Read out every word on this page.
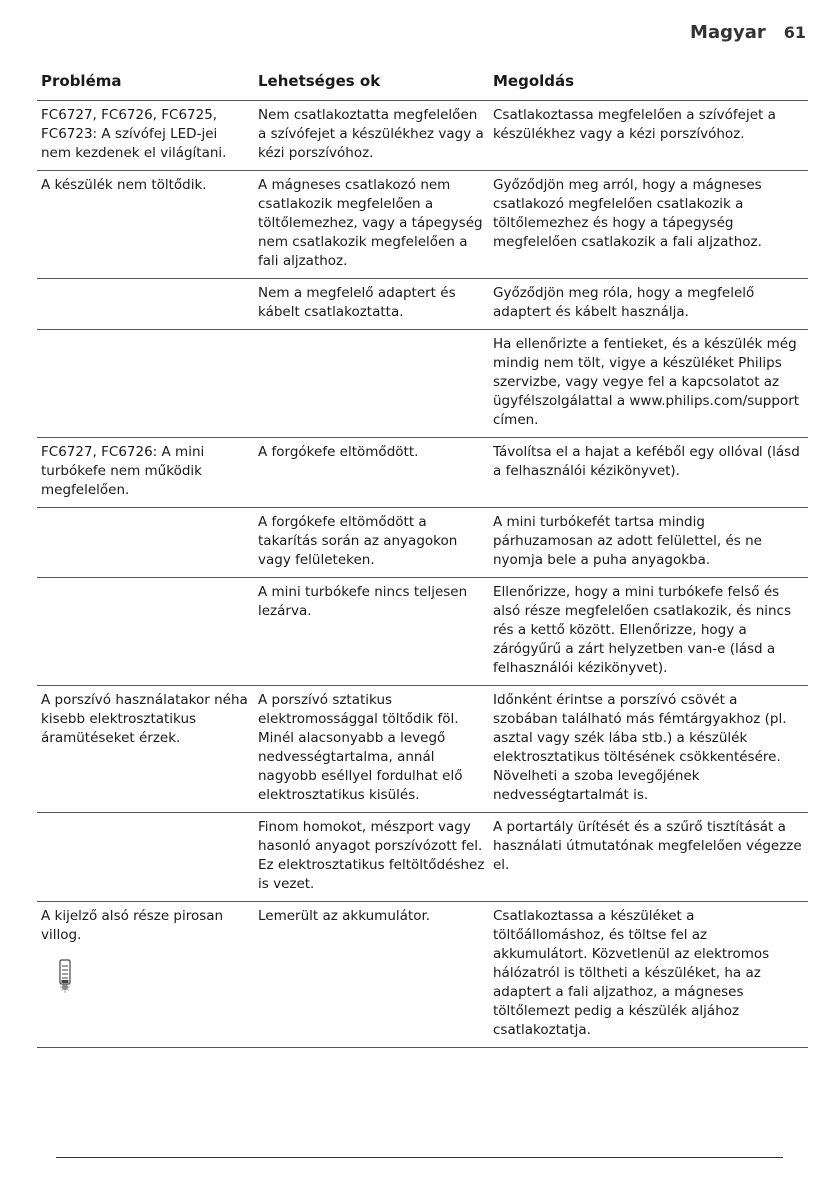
Magyar 61
Probléma	Lehetséges ok	Megoldás
FC6727, FC6726, FC6725, FC6723: A szívófej LED-jei nem kezdenek el világítani.	Nem csatlakoztatta megfelelően a szívófejet a készülékhez vagy a kézi porszívóhoz.	Csatlakoztassa megfelelően a szívófejet a készülékhez vagy a kézi porszívóhoz.
A készülék nem töltődik.	A mágneses csatlakozó nem csatlakozik megfelelően a töltőlemezhez, vagy a tápegység nem csatlakozik megfelelően a fali aljzathoz.	Győződjön meg arról, hogy a mágneses csatlakozó megfelelően csatlakozik a töltőlemezhez és hogy a tápegység megfelelően csatlakozik a fali aljzathoz.
	Nem a megfelelő adaptert és kábelt csatlakoztatta.	Győződjön meg róla, hogy a megfelelő adaptert és kábelt használja.
		Ha ellenőrizte a fentieket, és a készülék még mindig nem tölt, vigye a készüléket Philips szervizbe, vagy vegye fel a kapcsolatot az ügyfélszolgálattal a www.philips.com/support címen.
FC6727, FC6726: A mini turbókefe nem működik megfelelően.	A forgókefe eltömődött.	Távolítsa el a hajat a keféből egy ollóval (lásd a felhasználói kézikönyvet).
	A forgókefe eltömődött a takarítás során az anyagokon vagy felületeken.	A mini turbókefét tartsa mindig párhuzamosan az adott felülettel, és ne nyomja bele a puha anyagokba.
	A mini turbókefe nincs teljesen lezárva.	Ellenőrizze, hogy a mini turbókefe felső és alsó része megfelelően csatlakozik, és nincs rés a kettő között. Ellenőrizze, hogy a zárógyűrű a zárt helyzetben van-e (lásd a felhasználói kézikönyvet).
A porszívó használatakor néha kisebb elektrosztatikus áramütéseket érzek.	A porszívó sztatikus elektromossággal töltődik föl. Minél alacsonyabb a levegő nedvességtartalma, annál nagyobb eséllyel fordulhat elő elektrosztatikus kisülés.	Időnként érintse a porszívó csövét a szobában található más fémtárgyakhoz (pl. asztal vagy szék lába stb.) a készülék elektrosztatikus töltésének csökkentésére. Növelheti a szoba levegőjének nedvességtartalmát is.
	Finom homokot, mészport vagy hasonló anyagot porszívózott fel. Ez elektrosztatikus feltöltődéshez is vezet.	A portartály ürítését és a szűrő tisztítását a használati útmutatónak megfelelően végezze el.
A kijelző alsó része pirosan villog.	Lemerült az akkumulátor.	Csatlakoztassa a készüléket a töltőállomáshoz, és töltse fel az akkumulátort. Közvetlenül az elektromos hálózatról is töltheti a készüléket, ha az adaptert a fali aljzathoz, a mágneses töltőlemezt pedig a készülék aljához csatlakoztatja.
